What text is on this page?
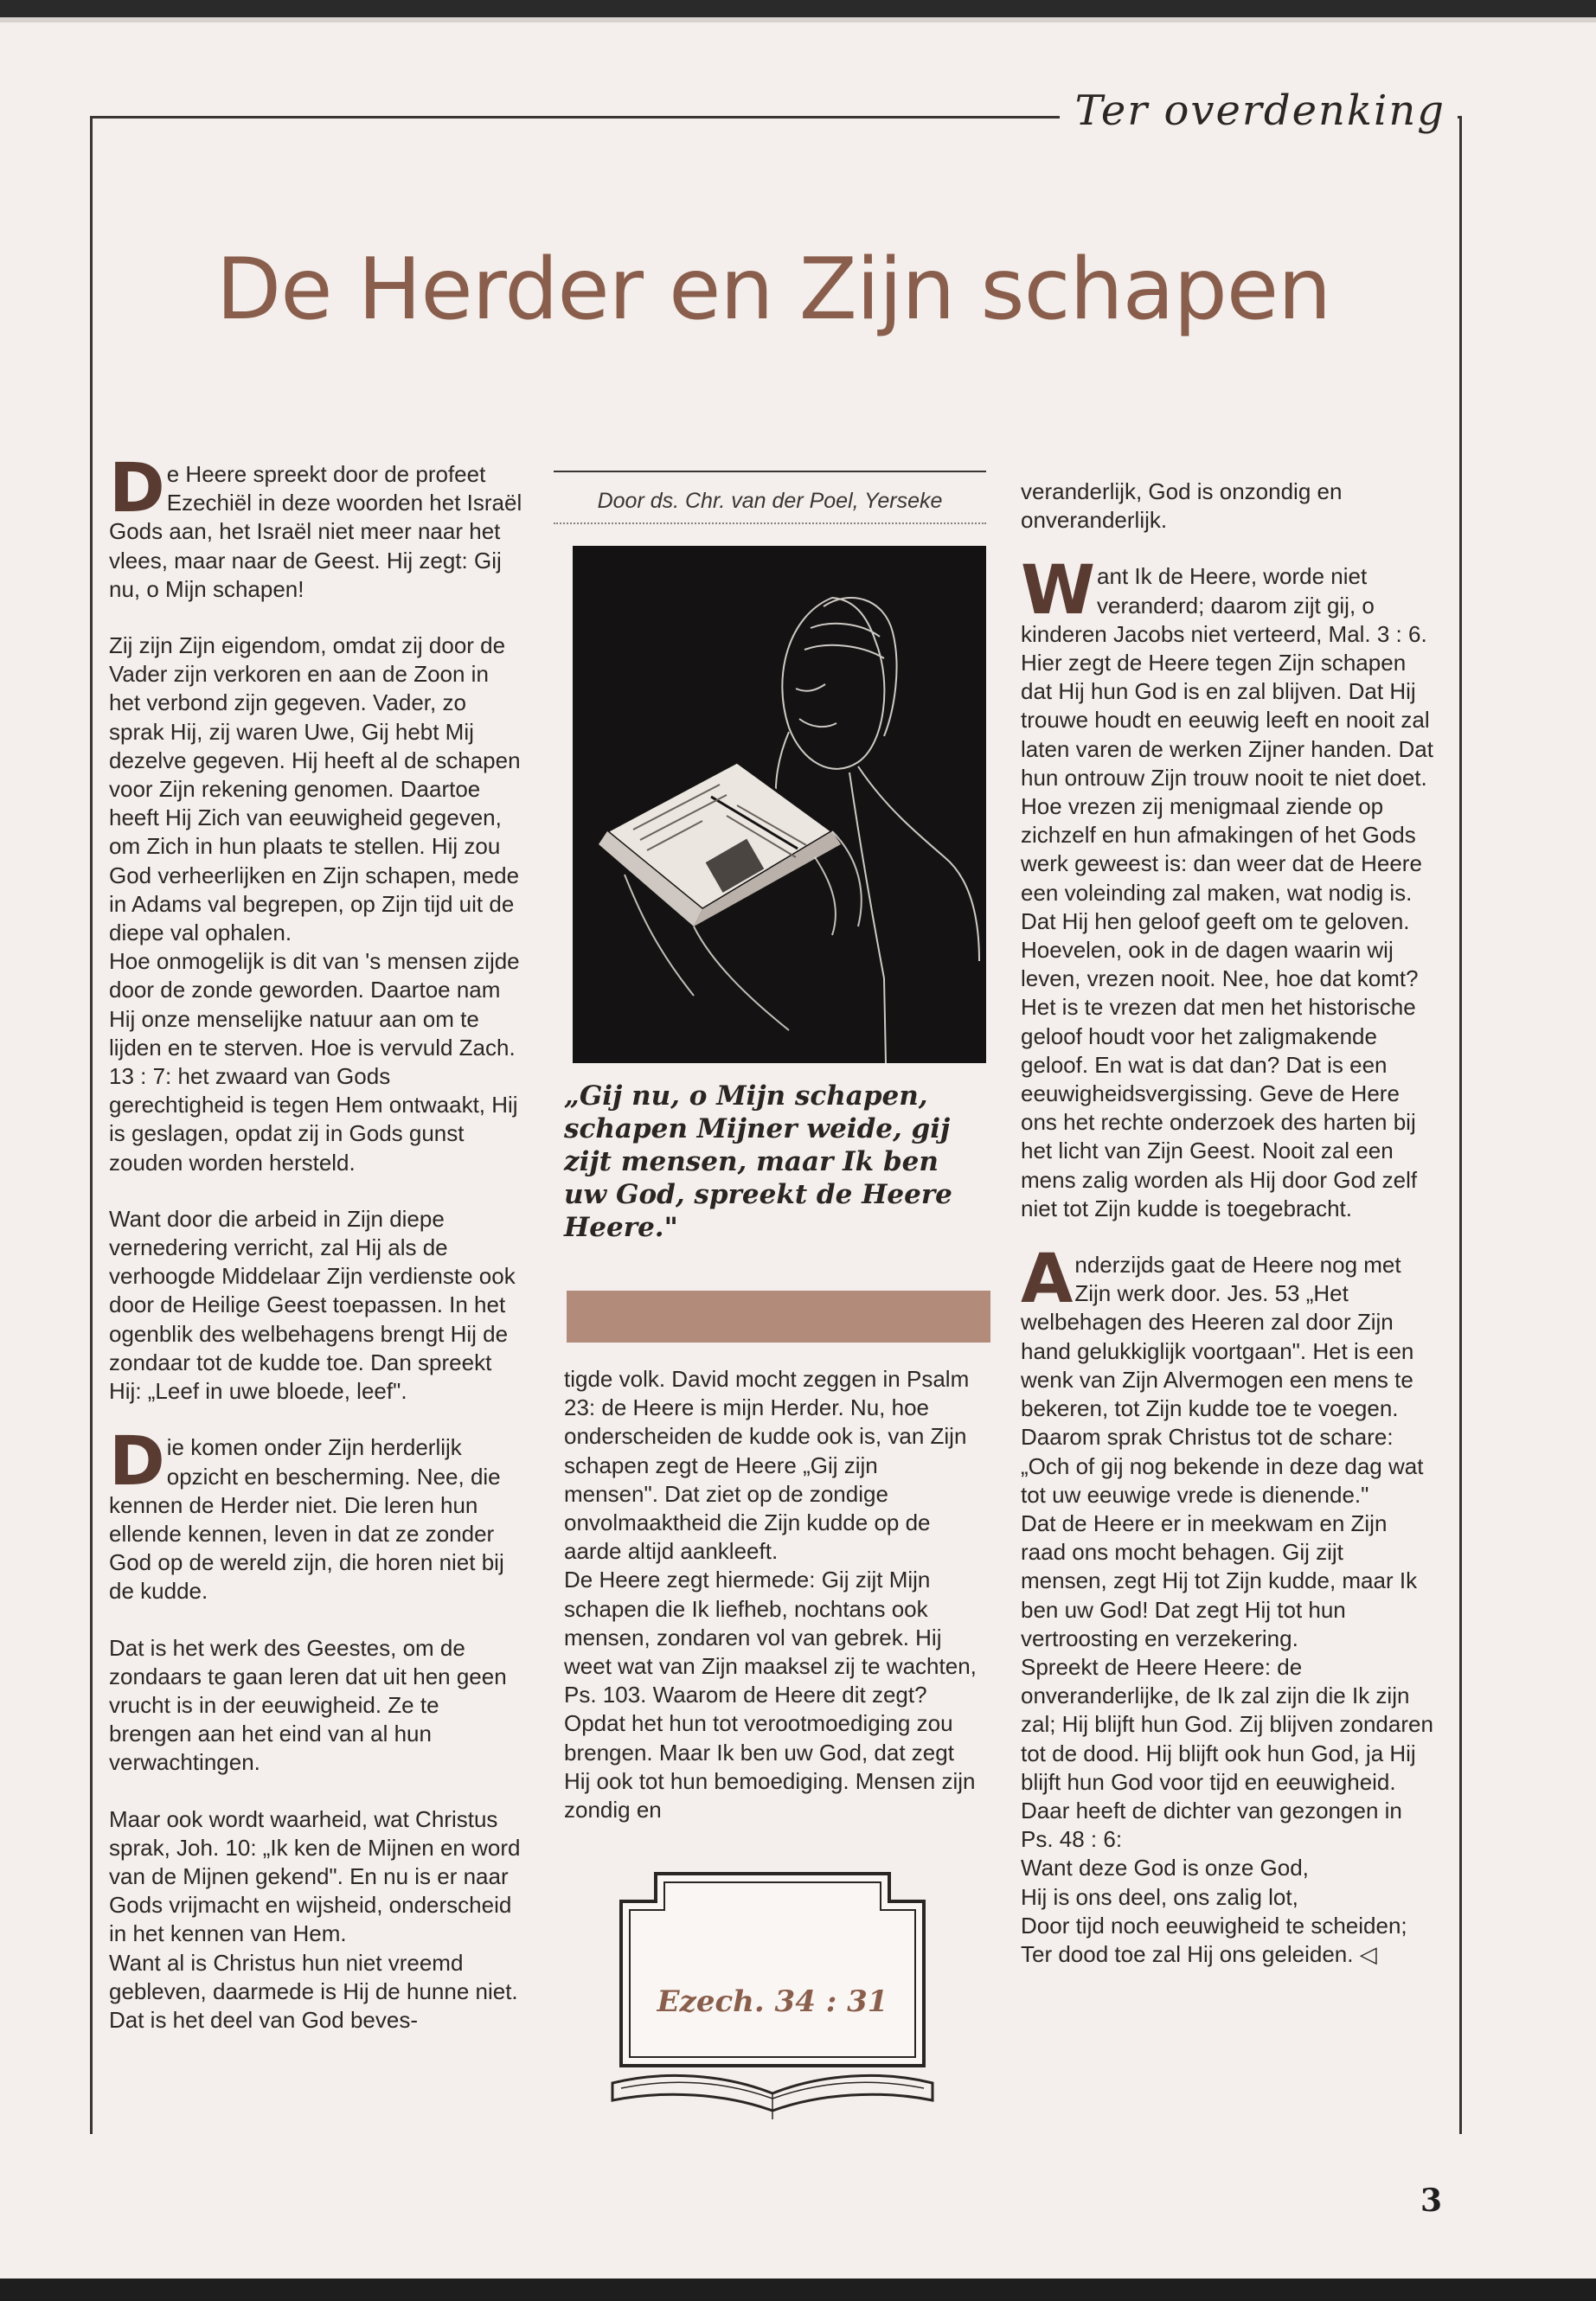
Ter overdenking
De Herder en Zijn schapen

De Heere spreekt door de profeet Ezechiël in deze woorden het Israël Gods aan, het Israël niet meer naar het vlees, maar naar de Geest. Hij zegt: Gij nu, o Mijn schapen!

Zij zijn Zijn eigendom, omdat zij door de Vader zijn verkoren en aan de Zoon in het verbond zijn gegeven. Vader, zo sprak Hij, zij waren Uwe, Gij hebt Mij dezelve gegeven. Hij heeft al de schapen voor Zijn rekening genomen. Daartoe heeft Hij Zich van eeuwigheid gegeven, om Zich in hun plaats te stellen. Hij zou God verheerlijken en Zijn schapen, mede in Adams val begrepen, op Zijn tijd uit de diepe val ophalen.

Hoe onmogelijk is dit van 's mensen zijde door de zonde geworden. Daartoe nam Hij onze menselijke natuur aan om te lijden en te sterven. Hoe is vervuld Zach. 13 : 7: het zwaard van Gods gerechtigheid is tegen Hem ontwaakt, Hij is geslagen, opdat zij in Gods gunst zouden worden hersteld.

Want door die arbeid in Zijn diepe vernedering verricht, zal Hij als de verhoogde Middelaar Zijn verdienste ook door de Heilige Geest toepassen. In het ogenblik des welbehagens brengt Hij de zondaar tot de kudde toe. Dan spreekt Hij: „Leef in uwe bloede, leef".

Die komen onder Zijn herderlijk opzicht en bescherming. Nee, die kennen de Herder niet. Die leren hun ellende kennen, leven in dat ze zonder God op de wereld zijn, die horen niet bij de kudde.

Dat is het werk des Geestes, om de zondaars te gaan leren dat uit hen geen vrucht is in der eeuwigheid. Ze te brengen aan het eind van al hun verwachtingen.

Maar ook wordt waarheid, wat Christus sprak, Joh. 10: „Ik ken de Mijnen en word van de Mijnen gekend". En nu is er naar Gods vrijmacht en wijsheid, onderscheid in het kennen van Hem.

Want al is Christus hun niet vreemd gebleven, daarmede is Hij de hunne niet. Dat is het deel van God beves-

Door ds. Chr. van der Poel, Yerseke
„Gij nu, o Mijn schapen, schapen Mijner weide, gij zijt mensen, maar Ik ben uw God, spreekt de Heere Heere."

tigde volk. David mocht zeggen in Psalm 23: de Heere is mijn Herder. Nu, hoe onderscheiden de kudde ook is, van Zijn schapen zegt de Heere „Gij zijn mensen". Dat ziet op de zondige onvolmaaktheid die Zijn kudde op de aarde altijd aankleeft.

De Heere zegt hiermede: Gij zijt Mijn schapen die Ik liefheb, nochtans ook mensen, zondaren vol van gebrek. Hij weet wat van Zijn maaksel zij te wachten, Ps. 103. Waarom de Heere dit zegt? Opdat het hun tot verootmoediging zou brengen. Maar Ik ben uw God, dat zegt Hij ook tot hun bemoediging. Mensen zijn zondig en

Ezech. 34 : 31

veranderlijk, God is onzondig en onveranderlijk.

Want Ik de Heere, worde niet veranderd; daarom zijt gij, o kinderen Jacobs niet verteerd, Mal. 3 : 6. Hier zegt de Heere tegen Zijn schapen dat Hij hun God is en zal blijven. Dat Hij trouwe houdt en eeuwig leeft en nooit zal laten varen de werken Zijner handen. Dat hun ontrouw Zijn trouw nooit te niet doet.

Hoe vrezen zij menigmaal ziende op zichzelf en hun afmakingen of het Gods werk geweest is: dan weer dat de Heere een voleinding zal maken, wat nodig is. Dat Hij hen geloof geeft om te geloven.

Hoevelen, ook in de dagen waarin wij leven, vrezen nooit. Nee, hoe dat komt? Het is te vrezen dat men het historische geloof houdt voor het zaligmakende geloof. En wat is dat dan? Dat is een eeuwigheidsvergissing. Geve de Here ons het rechte onderzoek des harten bij het licht van Zijn Geest. Nooit zal een mens zalig worden als Hij door God zelf niet tot Zijn kudde is toegebracht.

Anderzijds gaat de Heere nog met Zijn werk door. Jes. 53 „Het welbehagen des Heeren zal door Zijn hand gelukkiglijk voortgaan". Het is een wenk van Zijn Alvermogen een mens te bekeren, tot Zijn kudde toe te voegen. Daarom sprak Christus tot de schare: „Och of gij nog bekende in deze dag wat tot uw eeuwige vrede is dienende."

Dat de Heere er in meekwam en Zijn raad ons mocht behagen. Gij zijt mensen, zegt Hij tot Zijn kudde, maar Ik ben uw God! Dat zegt Hij tot hun vertroosting en verzekering.

Spreekt de Heere Heere: de onveranderlijke, de Ik zal zijn die Ik zijn zal; Hij blijft hun God. Zij blijven zondaren tot de dood. Hij blijft ook hun God, ja Hij blijft hun God voor tijd en eeuwigheid.

Daar heeft de dichter van gezongen in Ps. 48 : 6:

Want deze God is onze God,
Hij is ons deel, ons zalig lot,
Door tijd noch eeuwigheid te scheiden;
Ter dood toe zal Hij ons geleiden. ◁
3
